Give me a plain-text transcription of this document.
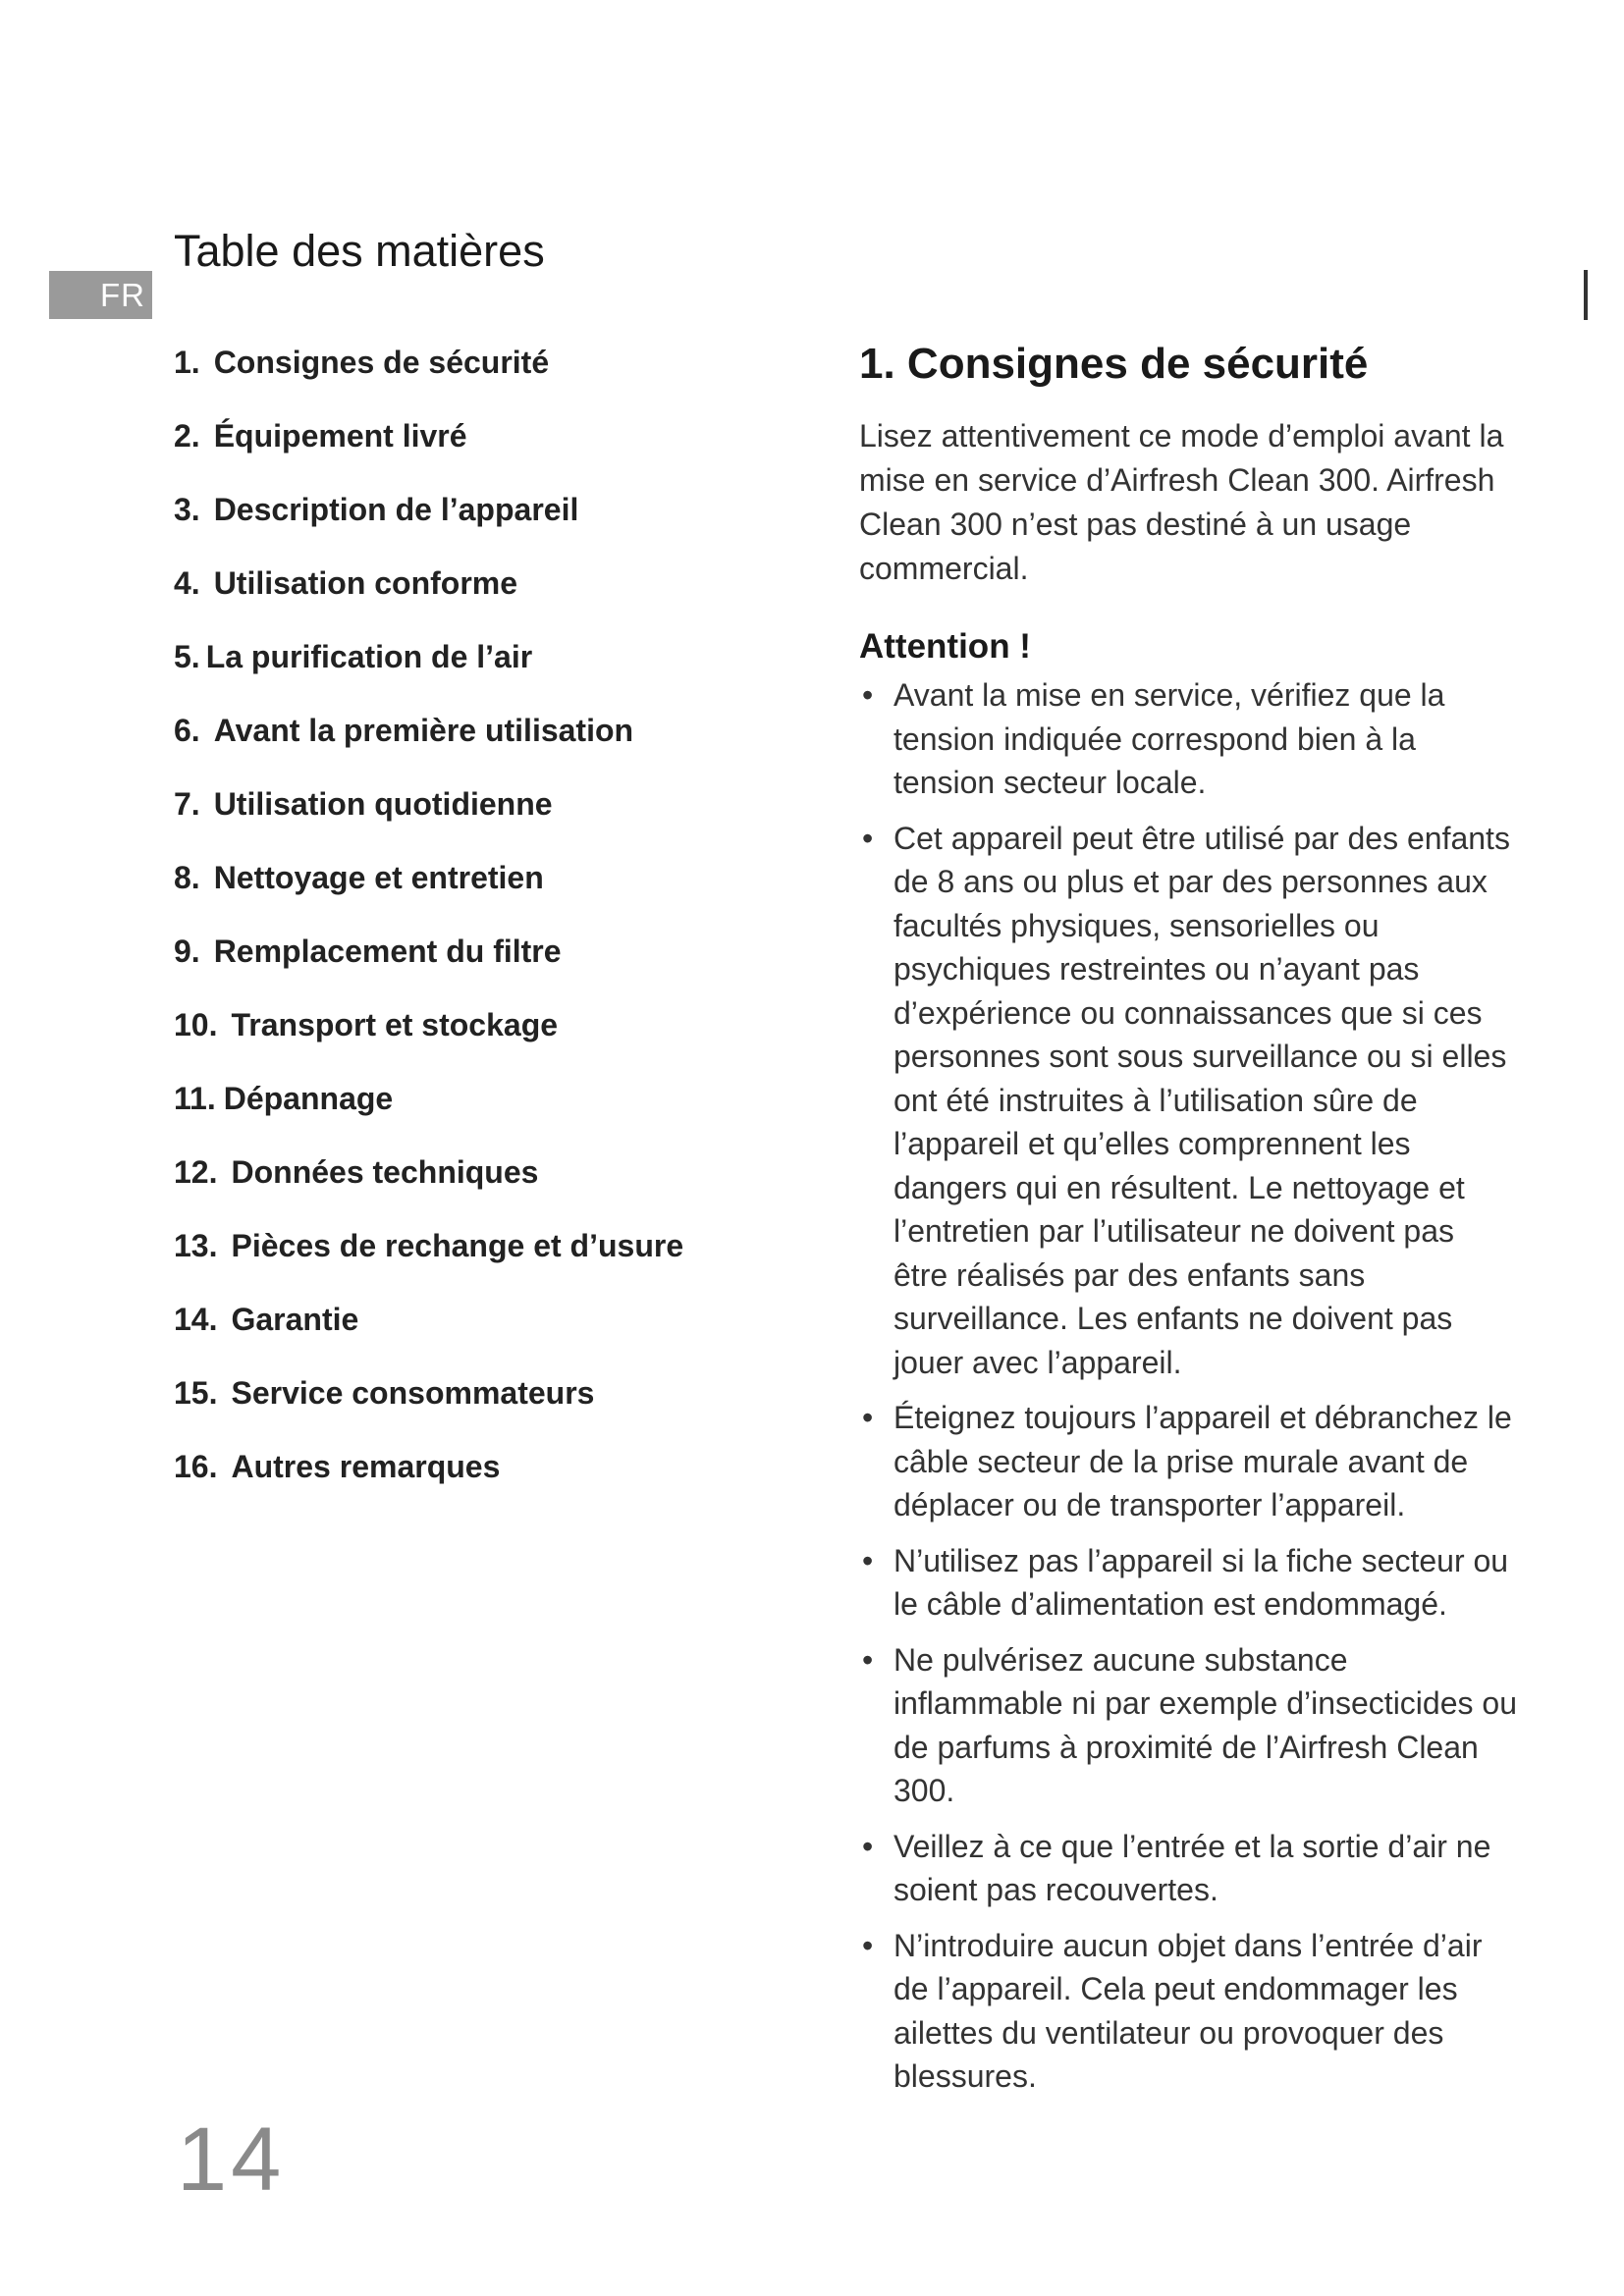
FR
Table des matières
1. Consignes de sécurité
2. Équipement livré
3. Description de l’appareil
4. Utilisation conforme
5. La purification de l’air
6. Avant la première utilisation
7. Utilisation quotidienne
8. Nettoyage et entretien
9. Remplacement du filtre
10. Transport et stockage
11. Dépannage
12. Données techniques
13. Pièces de rechange et d’usure
14. Garantie
15. Service consommateurs
16. Autres remarques
1. Consignes de sécurité

Lisez attentivement ce mode d’emploi avant la mise en service d’Airfresh Clean 300. Airfresh Clean 300 n’est pas destiné à un usage commercial.

Attention !
• Avant la mise en service, vérifiez que la tension indiquée correspond bien à la tension secteur locale.
• Cet appareil peut être utilisé par des enfants de 8 ans ou plus et par des personnes aux facultés physiques, sensorielles ou psychiques restreintes ou n’ayant pas d’expérience ou connaissances que si ces personnes sont sous surveillance ou si elles ont été instruites à l’utilisation sûre de l’appareil et qu’elles comprennent les dangers qui en résultent. Le nettoyage et l’entretien par l’utilisateur ne doivent pas être réalisés par des enfants sans surveillance. Les enfants ne doivent pas jouer avec l’appareil.
• Éteignez toujours l’appareil et débranchez le câble secteur de la prise murale avant de déplacer ou de transporter l’appareil.
• N’utilisez pas l’appareil si la fiche secteur ou le câble d’alimentation est endommagé.
• Ne pulvérisez aucune substance inflammable ni par exemple d’insecticides ou de parfums à proximité de l’Airfresh Clean 300.
• Veillez à ce que l’entrée et la sortie d’air ne soient pas recouvertes.
• N’introduire aucun objet dans l’entrée d’air de l’appareil. Cela peut endommager les ailettes du ventilateur ou provoquer des blessures.
14
